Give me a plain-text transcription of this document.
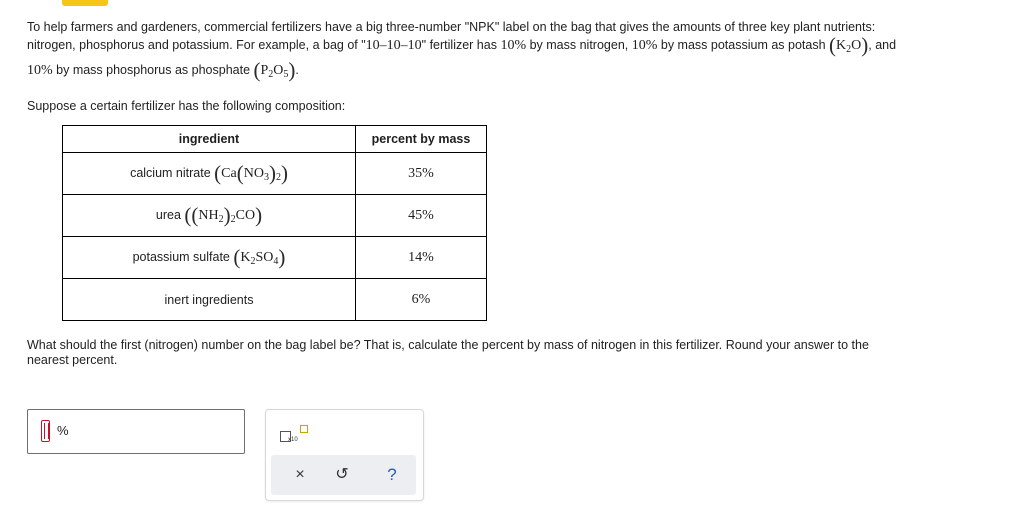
To help farmers and gardeners, commercial fertilizers have a big three-number "NPK" label on the bag that gives the amounts of three key plant nutrients:
nitrogen, phosphorus and potassium. For example, a bag of "10‒10‒10" fertilizer has 10% by mass nitrogen, 10% by mass potassium as potash $(K_2O)$, and
10% by mass phosphorus as phosphate $(P_2O_5)$.
Suppose a certain fertilizer has the following composition:
ingredient	percent by mass
calcium nitrate $(Ca(NO_3)_2)$	35%
urea $((NH_2)_2CO)$	45%
potassium sulfate $(K_2SO_4)$	14%
inert ingredients	6%
What should the first (nitrogen) number on the bag label be? That is, calculate the percent by mass of nitrogen in this fertilizer. Round your answer to the
nearest percent.
%
x10
×	↺	?
